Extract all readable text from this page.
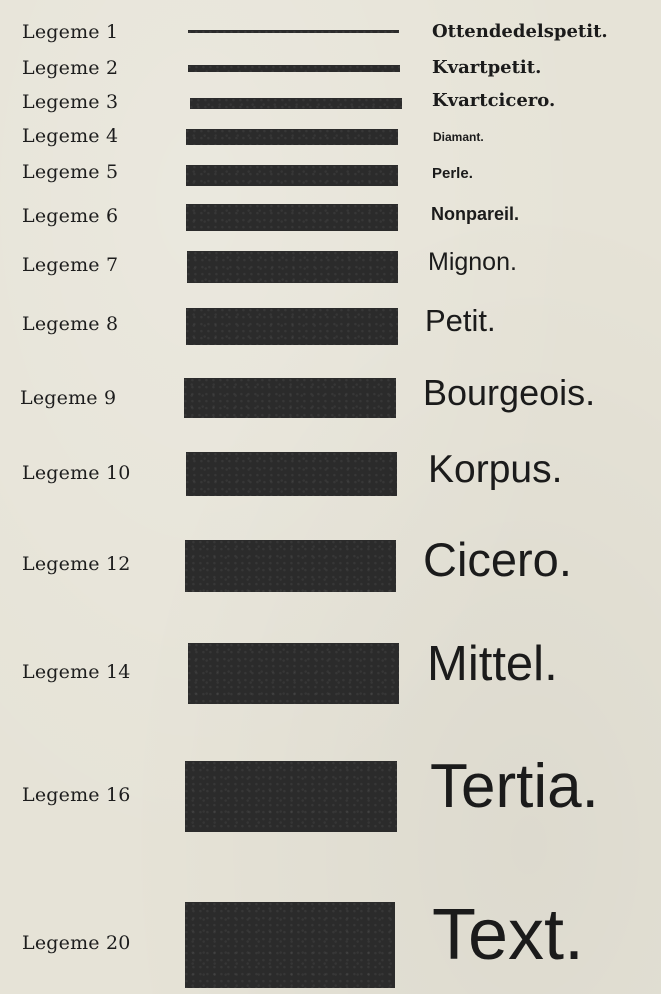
Legeme 1	Ottendedelspetit.
Legeme 2	Kvartpetit.
Legeme 3	Kvartcicero.
Legeme 4	Diamant.
Legeme 5	Perle.
Legeme 6	Nonpareil.
Legeme 7	Mignon.
Legeme 8	Petit.
Legeme 9	Bourgeois.
Legeme 10	Korpus.
Legeme 12	Cicero.
Legeme 14	Mittel.
Legeme 16	Tertia.
Legeme 20	Text.
